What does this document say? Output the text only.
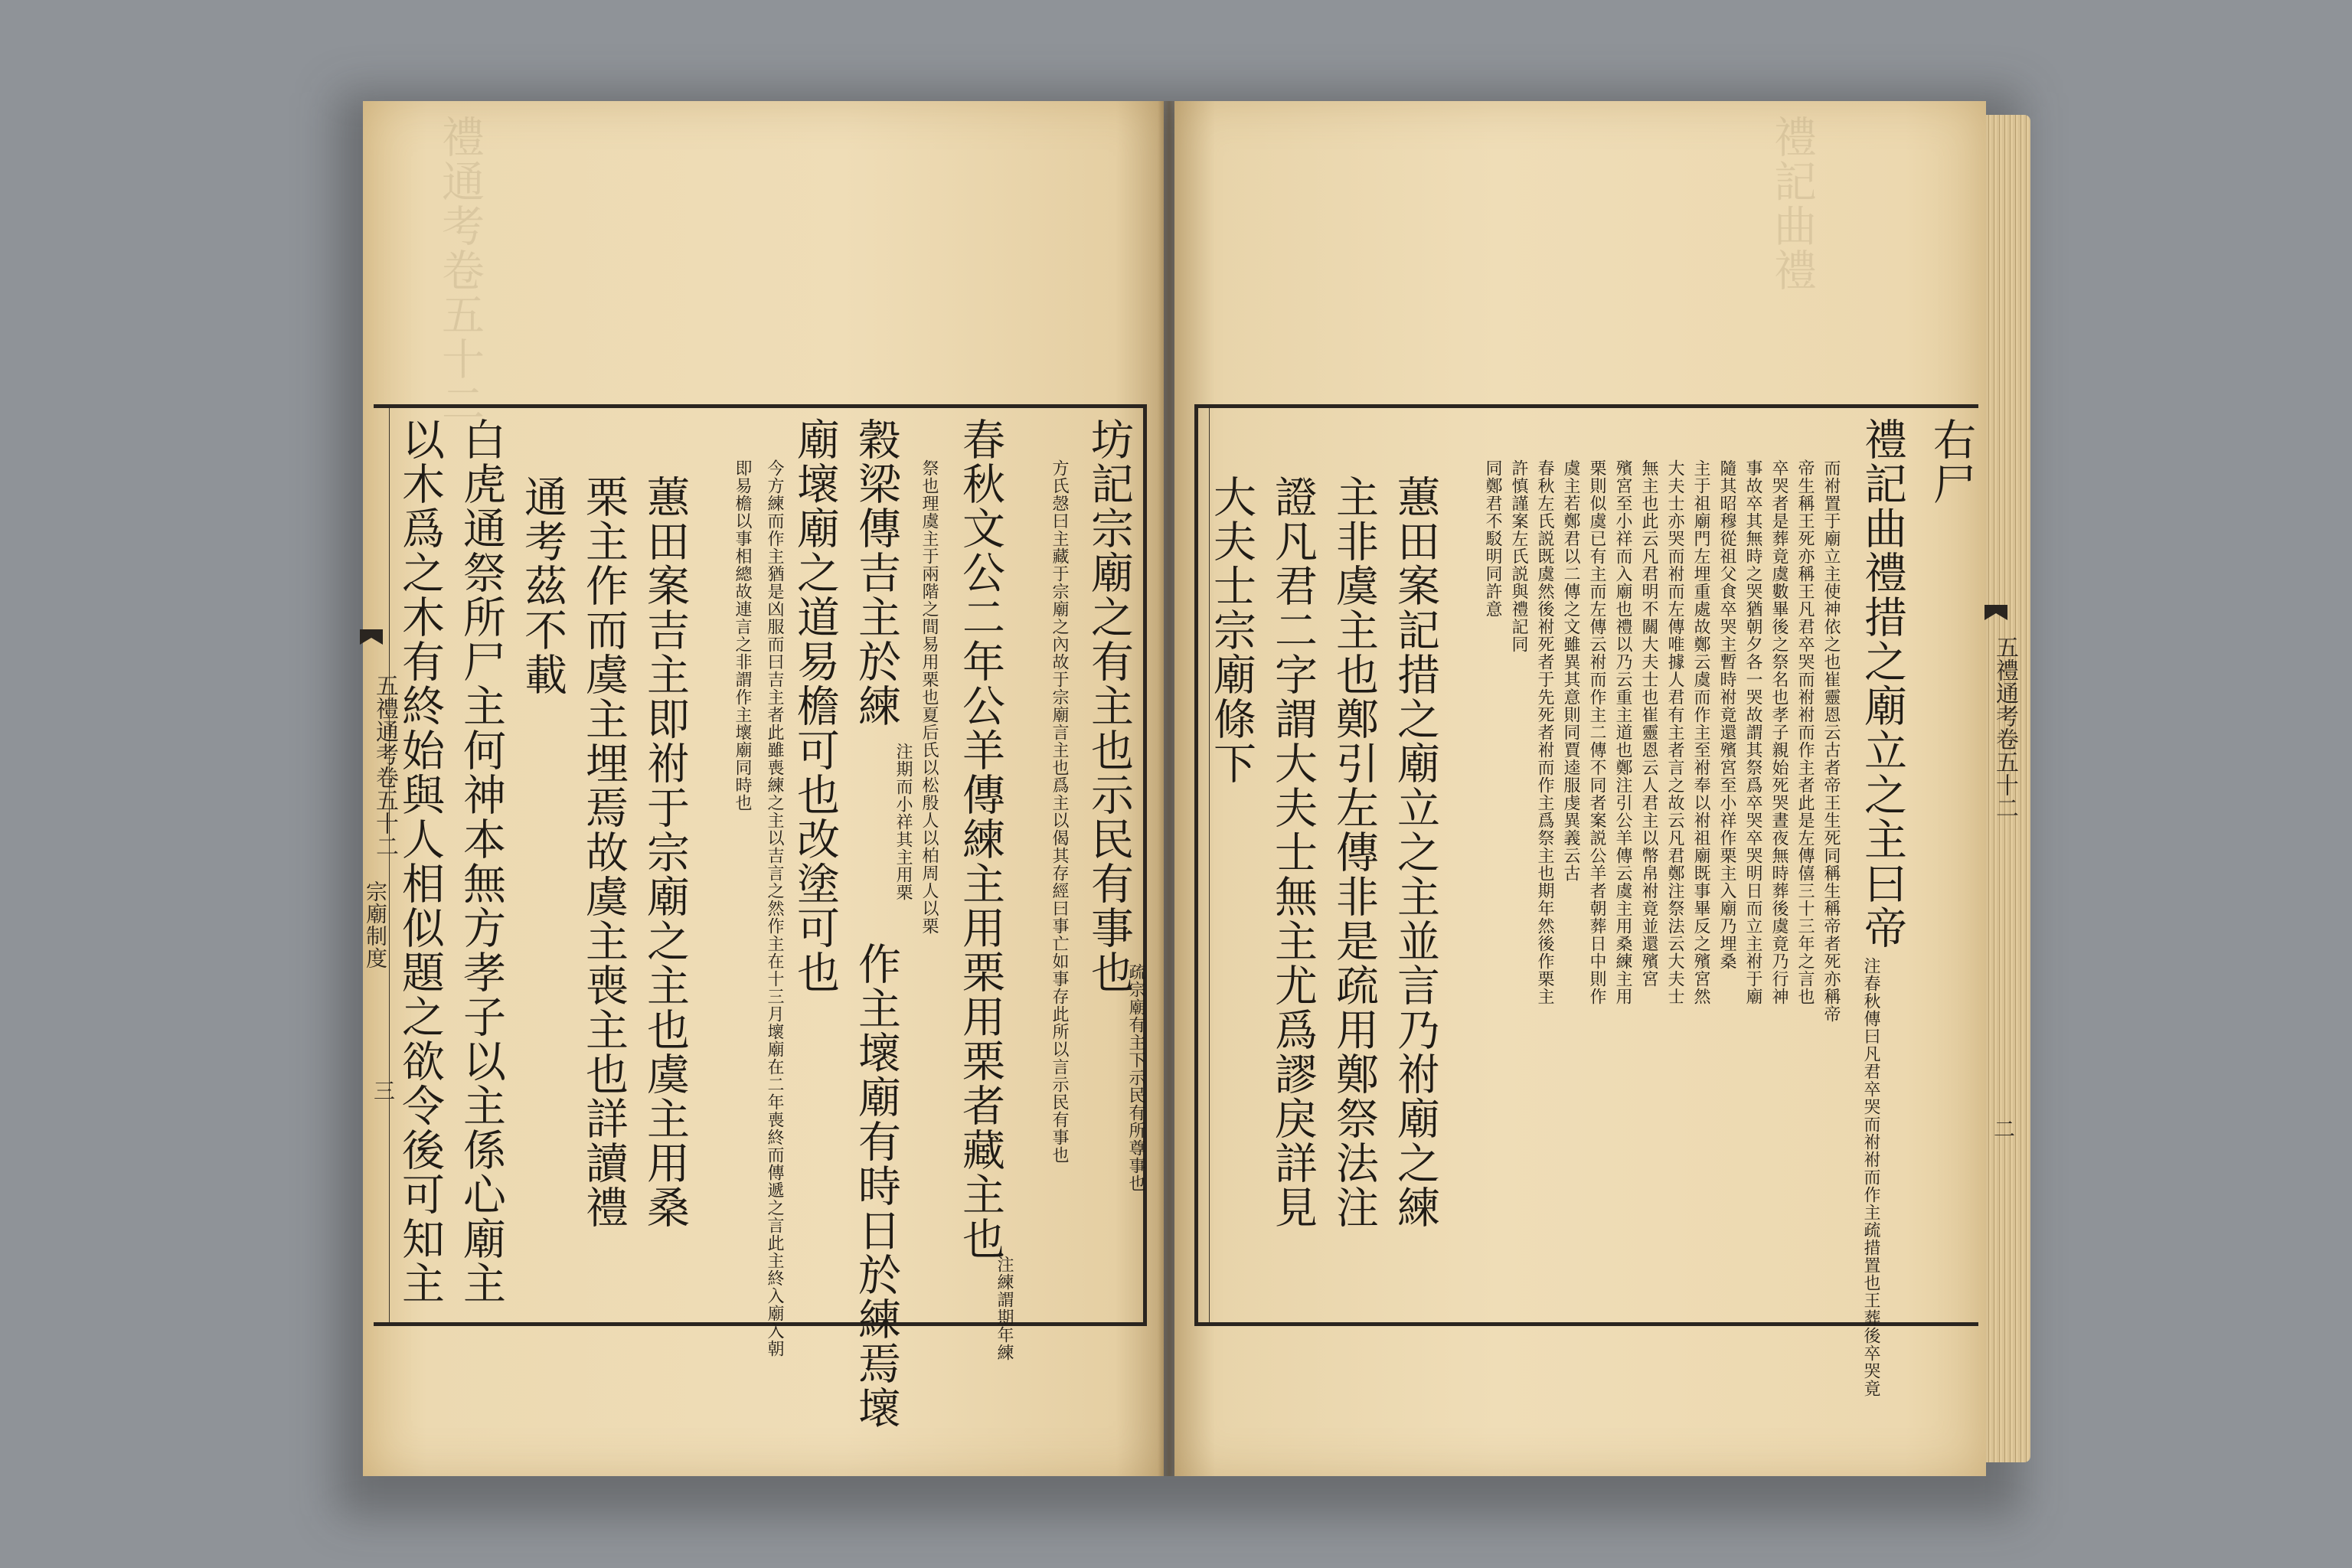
禮通考卷五十二	禮記曲禮
五禮通考卷五十二
宗廟制度
三
坊記宗廟之有主也示民有事也
疏宗廟有主下示民有所尊事也
方氏愨曰主藏于宗廟之內故于宗廟言主也爲主以偈其存經曰事亡如事存此所以言示民有事也
春秋文公二年公羊傳練主用栗用栗者藏主也
注練謂期年練
祭也理虞主于兩階之間易用栗也夏后氏以松殷人以柏周人以栗
穀梁傳吉主於練
注期而小祥其主用栗
作主壞廟有時日於練焉壞
廟壞廟之道易檐可也改塗可也
今方練而作主猶是凶服而曰吉主者此雖喪練之主以吉言之然作主在十三月壞廟在二年喪終而傳遞之言此主終入廟入朝
即易檐以事相總故連言之非謂作主壞廟同時也
蕙田案吉主即祔于宗廟之主也虞主用桑
栗主作而虞主埋焉故虞主喪主也詳讀禮
通考茲不載
白虎通祭所尸主何神本無方孝子以主係心廟主
以木爲之木有終始與人相似題之欲令後可知主	五禮通考卷五十二
二
右尸
禮記曲禮措之廟立之主曰帝
注春秋傳曰凡君卒哭而祔祔而作主疏措置也王葬後卒哭竟
而祔置于廟立主使神依之也崔靈恩云古者帝王生死同稱生稱帝者死亦稱帝
帝生稱王死亦稱王凡君卒哭而祔祔而作主者此是左傳僖三十三年之言也
卒哭者是葬竟虞數畢後之祭名也孝子親始死哭晝夜無時葬後虞竟乃行神
事故卒其無時之哭猶朝夕各一哭故謂其祭爲卒哭卒哭明日而立主祔于廟
隨其昭穆從祖父食卒哭主暫時祔竟還殯宮至小祥作栗主入廟乃埋桑
主于祖廟門左埋重處故鄭云虞而作主至祔奉以祔祖廟既事畢反之殯宮然
大夫士亦哭而祔而左傳唯據人君有主者言之故云凡君鄭注祭法云大夫士
無主也此云凡君明不關大夫士也崔靈恩云人君主以幣帛祔竟並還殯宮
殯宮至小祥而入廟也禮以乃云重主道也鄭注引公羊傳云虞主用桑練主用
栗則似虞已有主而左傳云祔而作主二傳不同者案説公羊者朝葬日中則作
虞主若鄭君以二傳之文雖異其意則同賈逵服虔異義云古
春秋左氏説既虞然後祔死者于先死者祔而作主爲祭主也期年然後作栗主
許慎謹案左氏説與禮記同
同鄭君不駁明同許意
蕙田案記措之廟立之主並言乃祔廟之練
主非虞主也鄭引左傳非是疏用鄭祭法注
證凡君二字謂大夫士無主尤爲謬戾詳見
大夫士宗廟條下
